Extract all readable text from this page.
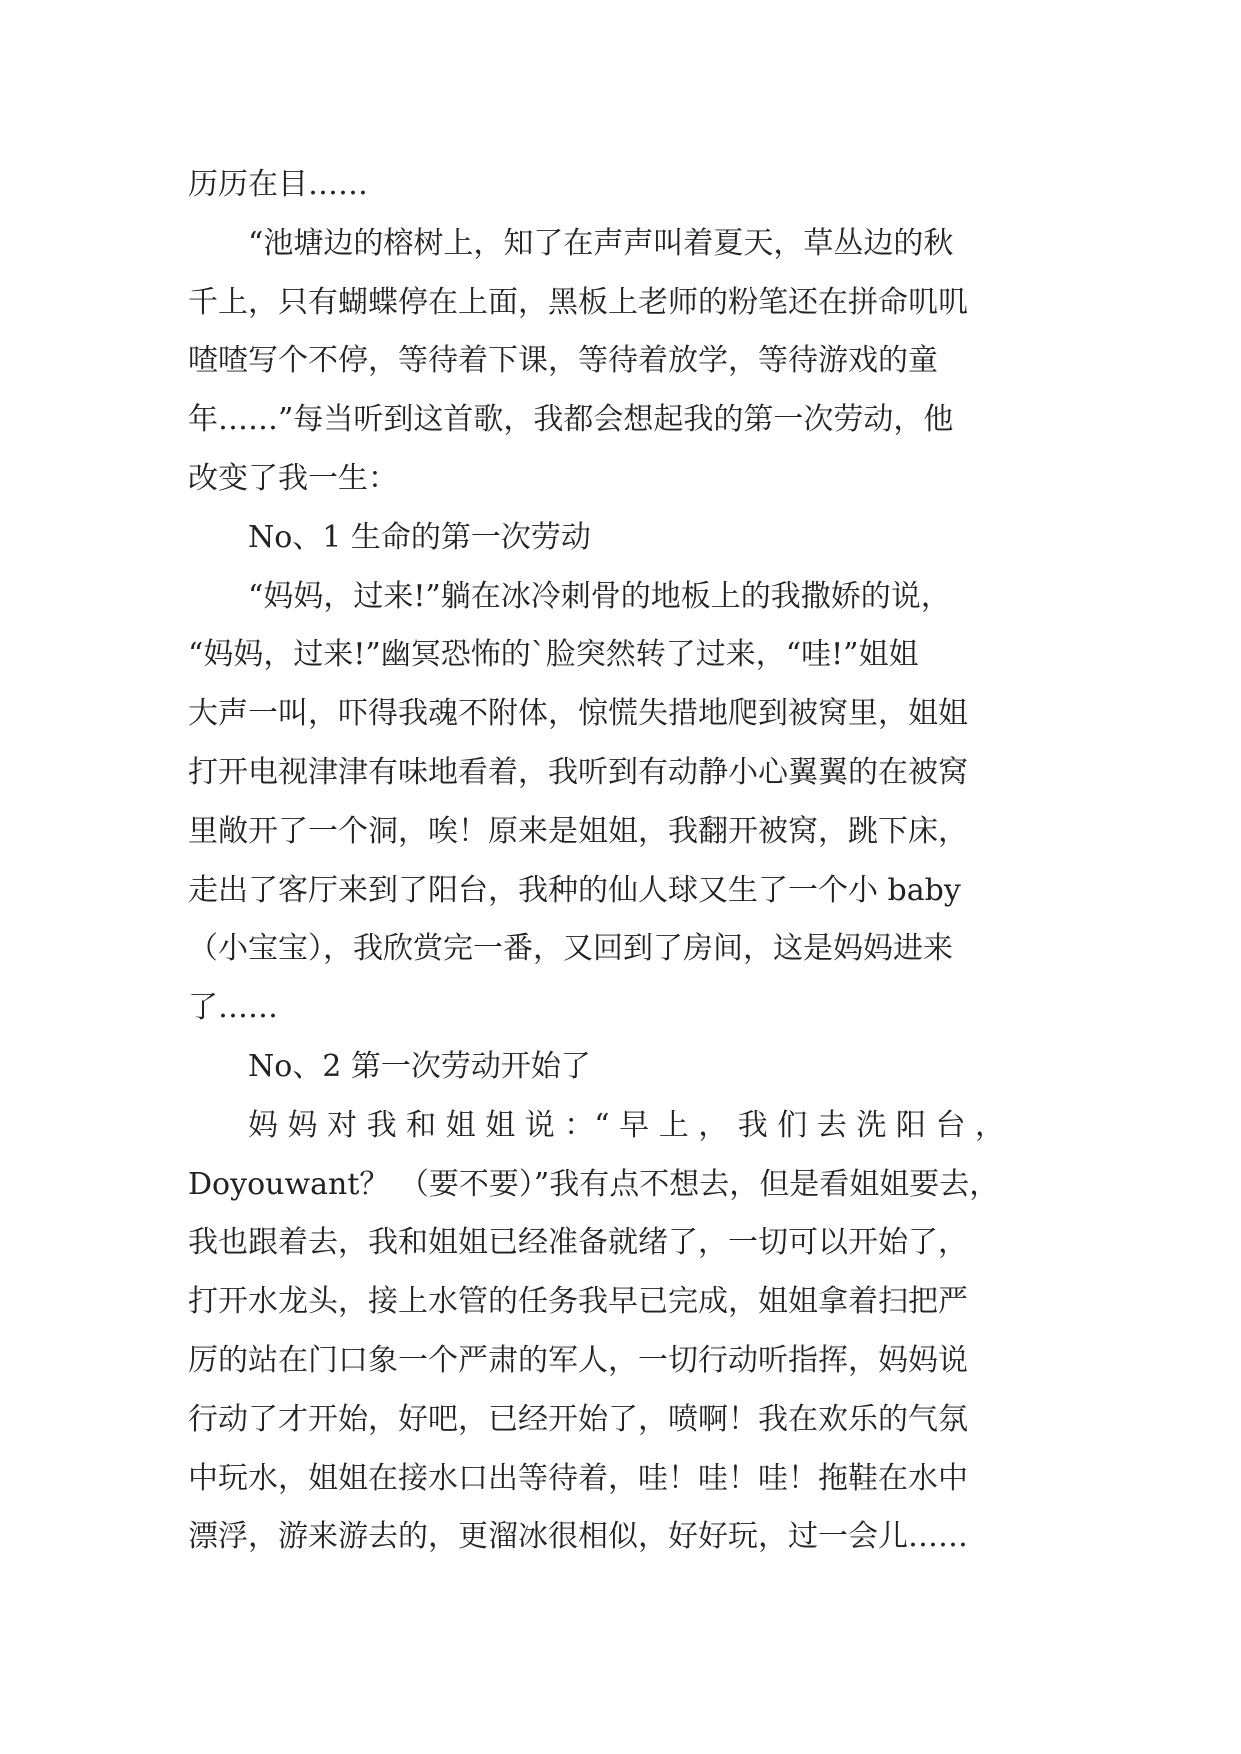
历历在目……
“池塘边的榕树上，知了在声声叫着夏天，草丛边的秋
千上，只有蝴蝶停在上面，黑板上老师的粉笔还在拼命叽叽
喳喳写个不停，等待着下课，等待着放学，等待游戏的童
年……”每当听到这首歌，我都会想起我的第一次劳动，他
改变了我一生：
No、1 生命的第一次劳动
“妈妈，过来!”躺在冰冷刺骨的地板上的我撒娇的说，
“妈妈，过来!”幽冥恐怖的`脸突然转了过来，“哇!”姐姐
大声一叫，吓得我魂不附体，惊慌失措地爬到被窝里，姐姐
打开电视津津有味地看着，我听到有动静小心翼翼的在被窝
里敞开了一个洞，唉！原来是姐姐，我翻开被窝，跳下床，
走出了客厅来到了阳台，我种的仙人球又生了一个小 baby
（小宝宝），我欣赏完一番，又回到了房间，这是妈妈进来
了……
No、2 第一次劳动开始了
妈 妈 对 我 和 姐 姐 说 ：“ 早 上 ， 我 们 去 洗 阳 台 ，
Doyouwant？ （要不要）”我有点不想去，但是看姐姐要去，
我也跟着去，我和姐姐已经准备就绪了，一切可以开始了，
打开水龙头，接上水管的任务我早已完成，姐姐拿着扫把严
厉的站在门口象一个严肃的军人，一切行动听指挥，妈妈说
行动了才开始，好吧，已经开始了，喷啊！我在欢乐的气氛
中玩水，姐姐在接水口出等待着，哇！哇！哇！拖鞋在水中
漂浮，游来游去的，更溜冰很相似，好好玩，过一会儿……
